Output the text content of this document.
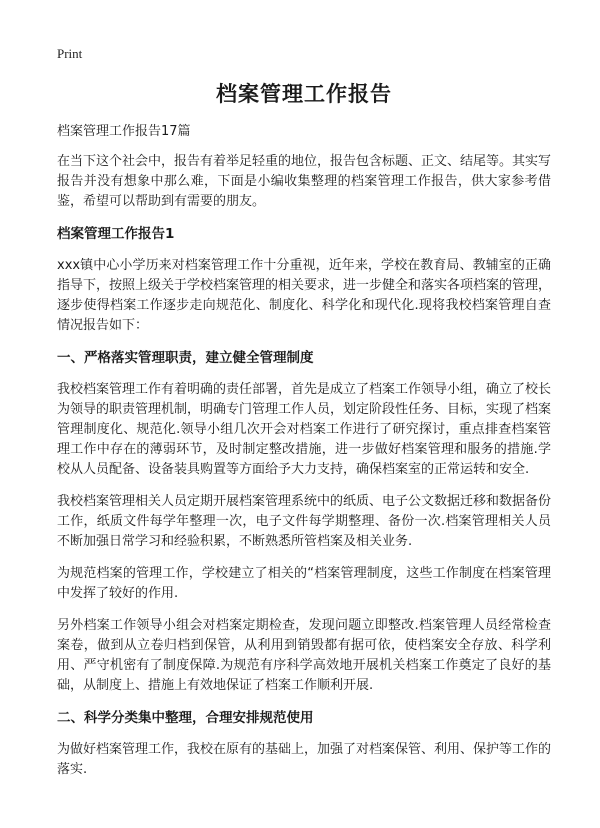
Print
档案管理工作报告
档案管理工作报告17篇

在当下这个社会中，报告有着举足轻重的地位，报告包含标题、正文、结尾等。其实写报告并没有想象中那么难，下面是小编收集整理的档案管理工作报告，供大家参考借鉴，希望可以帮助到有需要的朋友。

档案管理工作报告1

xxx镇中心小学历来对档案管理工作十分重视，近年来，学校在教育局、教辅室的正确指导下，按照上级关于学校档案管理的相关要求，进一步健全和落实各项档案的管理，逐步使得档案工作逐步走向规范化、制度化、科学化和现代化.现将我校档案管理自查情况报告如下：

一、严格落实管理职责，建立健全管理制度

我校档案管理工作有着明确的责任部署，首先是成立了档案工作领导小组，确立了校长为领导的职责管理机制，明确专门管理工作人员，划定阶段性任务、目标，实现了档案管理制度化、规范化.领导小组几次开会对档案工作进行了研究探讨，重点排查档案管理工作中存在的薄弱环节，及时制定整改措施，进一步做好档案管理和服务的措施.学校从人员配备、设备装具购置等方面给予大力支持，确保档案室的正常运转和安全.

我校档案管理相关人员定期开展档案管理系统中的纸质、电子公文数据迁移和数据备份工作，纸质文件每学年整理一次，电子文件每学期整理、备份一次.档案管理相关人员不断加强日常学习和经验积累，不断熟悉所管档案及相关业务.

为规范档案的管理工作，学校建立了相关的“档案管理制度，这些工作制度在档案管理中发挥了较好的作用.

另外档案工作领导小组会对档案定期检查，发现问题立即整改.档案管理人员经常检查案卷，做到从立卷归档到保管，从利用到销毁都有据可依，使档案安全存放、科学利用、严守机密有了制度保障.为规范有序科学高效地开展机关档案工作奠定了良好的基础，从制度上、措施上有效地保证了档案工作顺利开展.

二、科学分类集中整理，合理安排规范使用

为做好档案管理工作，我校在原有的基础上，加强了对档案保管、利用、保护等工作的落实.
